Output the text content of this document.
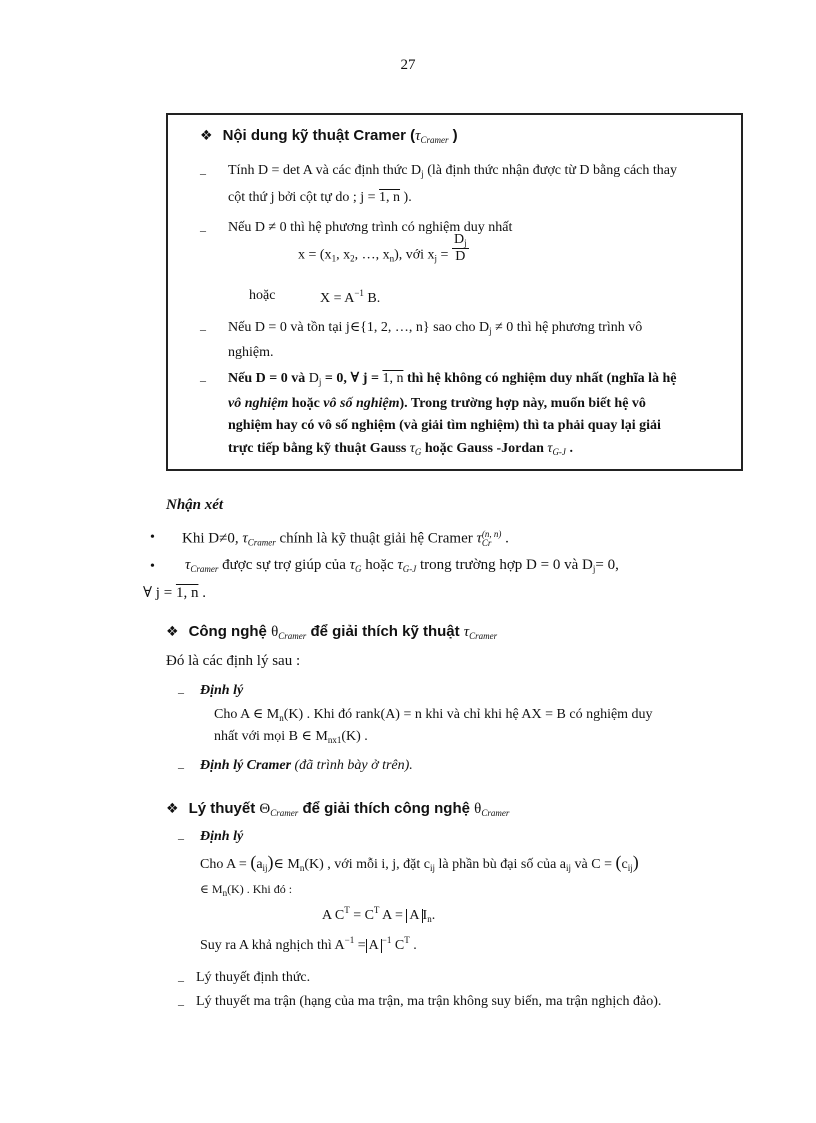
27
❖ Nội dung kỹ thuật Cramer ($\tau_{Cramer}$ )
– Tính D = det A và các định thức $D_j$ (là định thức nhận được từ D bằng cách thay
cột thứ j bởi cột tự do ; j = 1, n ).
– Nếu D ≠ 0 thì hệ phương trình có nghiệm duy nhất
$x = (x_1$, $x_2$, …, $x_n$), với $x_j = \frac{D_j}{D}$
hoặc	$X = A^{-1}$ B.
– Nếu D = 0 và tồn tại j∈{1, 2, …, n} sao cho $D_j \ne 0$ thì hệ phương trình vô
nghiệm.
– Nếu D = 0 và $D_j = 0$, ∀ j = 1, n thì hệ không có nghiệm duy nhất (nghĩa là hệ
vô nghiệm hoặc vô số nghiệm). Trong trường hợp này, muốn biết hệ vô
nghiệm hay có vô số nghiệm (và giải tìm nghiệm) thì ta phải quay lại giải
trực tiếp bằng kỹ thuật Gauss $\tau_G$ hoặc Gauss -Jordan $\tau_{G-J}$ .
Nhận xét
• Khi D≠0, $\tau_{Cramer}$ chính là kỹ thuật giải hệ Cramer τ (n, n)
Cr .
• $\tau_{Cramer}$ được sự trợ giúp của $\tau_G$ hoặc $\tau_{G-J}$ trong trường hợp D = 0 và $D_j= 0$,
∀ j = 1, n .
❖ Công nghệ $\theta_{Cramer}$ để giải thích kỹ thuật $\tau_{Cramer}$
Đó là các định lý sau :
– Định lý
Cho A ∈ $M_n(K)$ . Khi đó rank(A) = n khi và chỉ khi hệ AX = B có nghiệm duy
nhất với mọi B ∈ $M_{nx1}(K)$ .
– Định lý Cramer (đã trình bày ở trên).
❖ Lý thuyết $\Theta_{Cramer}$ để giải thích công nghệ $\theta_{Cramer}$
– Định lý
Cho $A = (a_{ij})\in$ $M_n(K)$ , với mỗi i, j, đặt $c_{ij}$ là phần bù đại số của $a_{ij}$ và $C = (c_{ij})$
∈ $M_n(K)$ . Khi đó :
A $C^T = C^T$ A = A $I_n$.
Suy ra A khả nghịch thì $A^{-1} = A$ $^{-1}$ $C^T$ .
– Lý thuyết định thức.
– Lý thuyết ma trận (hạng của ma trận, ma trận không suy biến, ma trận nghịch đảo).
